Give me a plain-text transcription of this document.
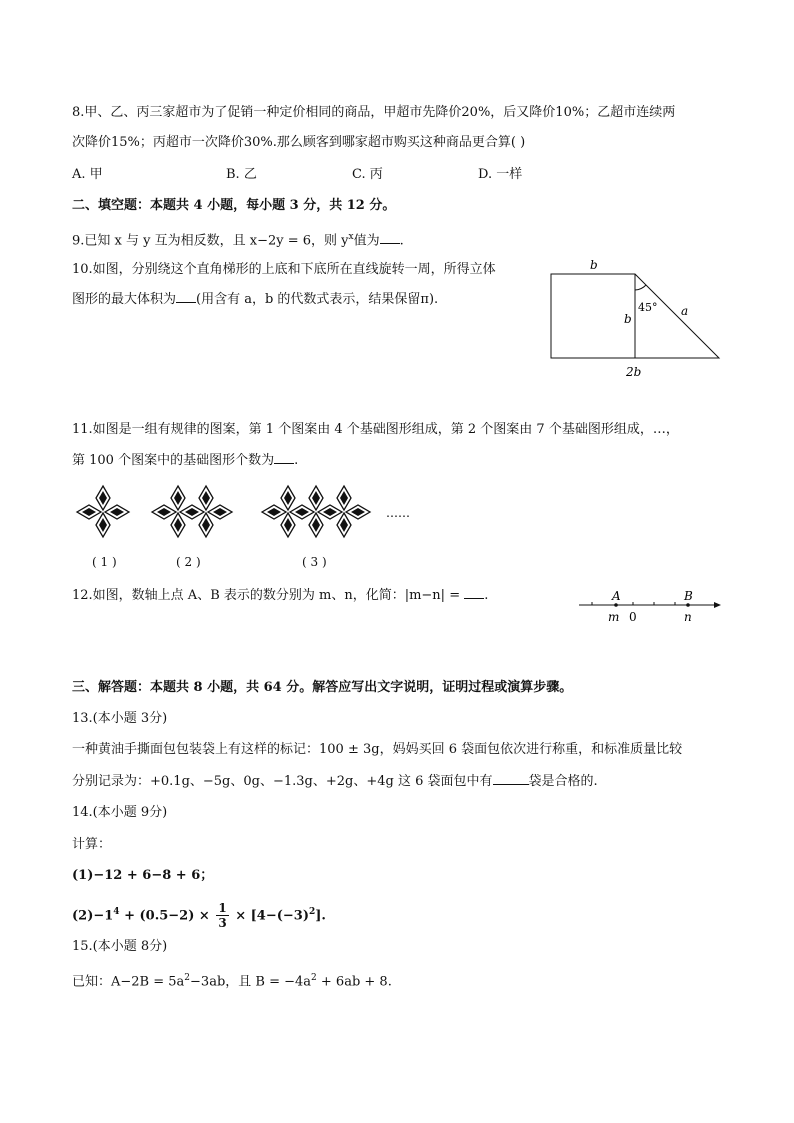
8.甲、乙、丙三家超市为了促销一种定价相同的商品，甲超市先降价20%，后又降价10%；乙超市连续两
次降价15%；丙超市一次降价30%.那么顾客到哪家超市购买这种商品更合算( )
A. 甲	B. 乙	C. 丙	D. 一样
二、填空题：本题共 4 小题，每小题 3 分，共 12 分。
9.已知 x 与 y 互为相反数，且 x−2y = 6，则 $y^x$值为 .
10.如图，分别绕这个直角梯形的上底和下底所在直线旋转一周，所得立体
图形的最大体积为 (用含有 a，b 的代数式表示，结果保留π).
b
b
45° a
2b
11.如图是一组有规律的图案，第 1 个图案由 4 个基础图形组成，第 2 个图案由 7 个基础图形组成，…，
第 100 个图案中的基础图形个数为 .
……
( 1 )	( 2 )	( 3 )
12.如图，数轴上点 A、B 表示的数分别为 m、n，化简：|m−n| = .	A	B
m 0	n
三、解答题：本题共 8 小题，共 64 分。解答应写出文字说明，证明过程或演算步骤。
13.(本小题 3分)
一种黄油手撕面包包装袋上有这样的标记：100 ± 3g，妈妈买回 6 袋面包依次进行称重，和标准质量比较
分别记录为：+0.1g、−5g、0g、−1.3g、+2g、+4g 这 6 袋面包中有	袋是合格的.
14.(本小题 9分)
计算：
(1)−12 + 6−8 + 6；
$(2)-1^4 + (0.5-2) \times \frac{1}{3} \times [4-(-3)^2]$.
15.(本小题 8分)
已知：$A-2B = 5a^2-3ab$，且 $B = -4a^2 + 6ab + 8$.
